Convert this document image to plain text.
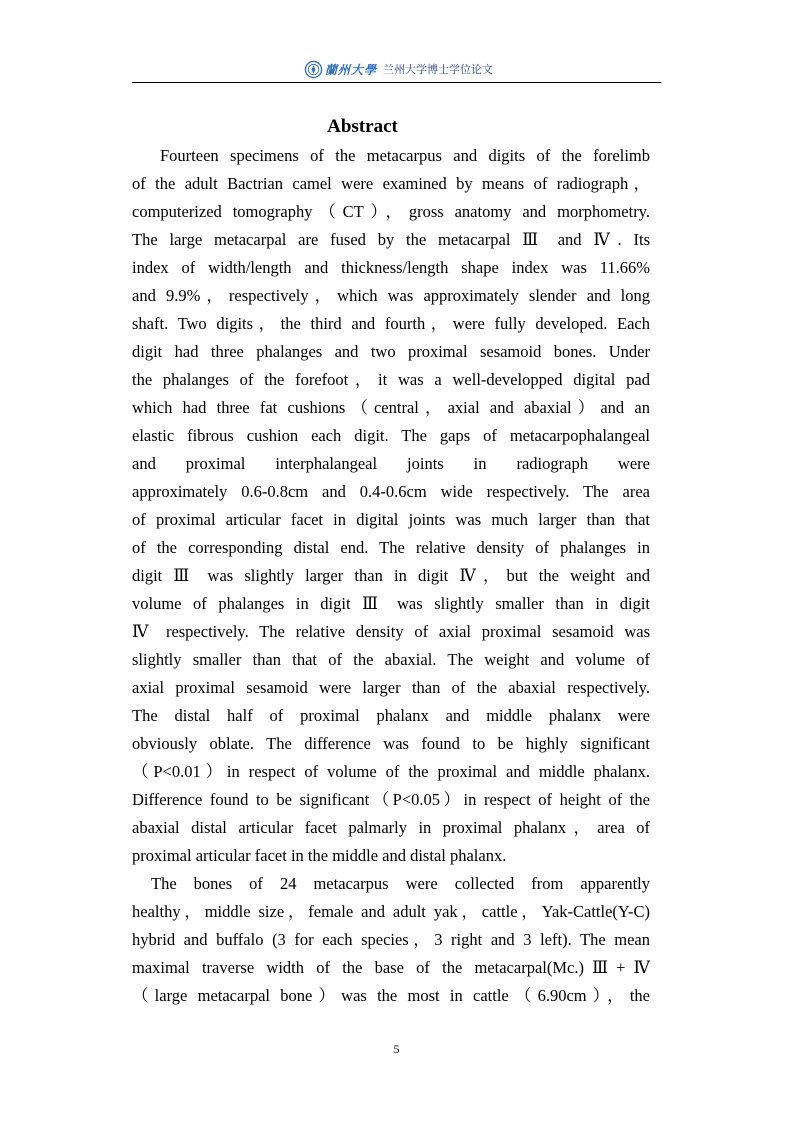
蘭州大學 兰州大学博士学位论文
Abstract
Fourteen specimens of the metacarpus and digits of the forelimb
of the adult Bactrian camel were examined by means of radiograph，
computerized tomography（CT），gross anatomy and morphometry.
The large metacarpal are fused by the metacarpal Ⅲ and Ⅳ. Its
index of width/length and thickness/length shape index was 11.66%
and 9.9%，respectively，which was approximately slender and long
shaft. Two digits，the third and fourth，were fully developed. Each
digit had three phalanges and two proximal sesamoid bones. Under
the phalanges of the forefoot，it was a well-developped digital pad
which had three fat cushions（central，axial and abaxial）and an
elastic fibrous cushion each digit. The gaps of metacarpophalangeal
and proximal interphalangeal joints in radiograph were
approximately 0.6-0.8cm and 0.4-0.6cm wide respectively. The area
of proximal articular facet in digital joints was much larger than that
of the corresponding distal end. The relative density of phalanges in
digit Ⅲ was slightly larger than in digit Ⅳ，but the weight and
volume of phalanges in digit Ⅲ was slightly smaller than in digit
Ⅳ respectively. The relative density of axial proximal sesamoid was
slightly smaller than that of the abaxial. The weight and volume of
axial proximal sesamoid were larger than of the abaxial respectively.
The distal half of proximal phalanx and middle phalanx were
obviously oblate. The difference was found to be highly significant
（P<0.01）in respect of volume of the proximal and middle phalanx.
Difference found to be significant（P<0.05）in respect of height of the
abaxial distal articular facet palmarly in proximal phalanx，area of
proximal articular facet in the middle and distal phalanx.
The bones of 24 metacarpus were collected from apparently
healthy，middle size，female and adult yak，cattle，Yak-Cattle(Y-C)
hybrid and buffalo (3 for each species，3 right and 3 left). The mean
maximal traverse width of the base of the metacarpal(Mc.)Ⅲ+Ⅳ
（large metacarpal bone）was the most in cattle（6.90cm），the
5
